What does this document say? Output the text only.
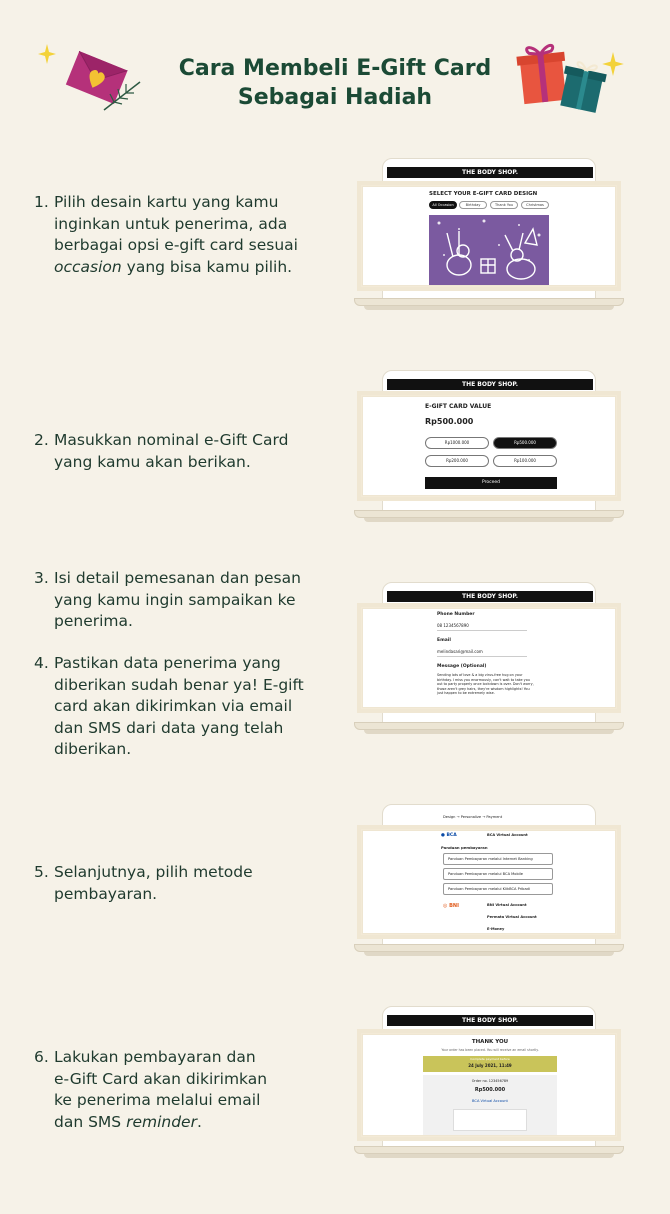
Cara Membeli E-Gift Card
Sebagai Hadiah
1. Pilih desain kartu yang kamu
inginkan untuk penerima, ada
berbagai opsi e-gift card sesuai
occasion yang bisa kamu pilih.
2. Masukkan nominal e-Gift Card
yang kamu akan berikan.
3. Isi detail pemesanan dan pesan
yang kamu ingin sampaikan ke
penerima.
4. Pastikan data penerima yang
diberikan sudah benar ya! E-gift
card akan dikirimkan via email
dan SMS dari data yang telah
diberikan.
5. Selanjutnya, pilih metode
pembayaran.
6. Lakukan pembayaran dan
e-Gift Card akan dikirimkan
ke penerima melalui email
dan SMS reminder.
THE BODY SHOP.
SELECT YOUR E-GIFT CARD DESIGN
All Occasion	Birthday	Thank You	Christmas
THE BODY SHOP.
E-GIFT CARD VALUE
Rp500.000
Rp1000.000	Rp500.000
Rp200.000	Rp100.000
Proceed
THE BODY SHOP.
Phone Number
08 1234567890
Email
melindasari@mail.com
Message (Optional)
Sending lots of love & a big virus-free hug on your birthday. I miss you enormously, can't wait to take you out to party properly once lockdown is over. Don't worry, those aren't grey hairs, they're wisdom highlights! You just happen to be extremely wise.
Design → Personalize → Payment
● BCA	BCA Virtual Account
Panduan pembayaran
Panduan Pembayaran melalui Internet Banking
Panduan Pembayaran melalui BCA Mobile
Panduan Pembayaran melalui KlikBCA Pribadi
◎ BNI	BNI Virtual Account
Permata Virtual Account
E-Money
THE BODY SHOP.
THANK YOU
Your order has been placed. You will receive an email shortly.
Complete payment before
24 July 2021, 11:49
Order no. 123456789
Rp500.000
BCA Virtual Account
